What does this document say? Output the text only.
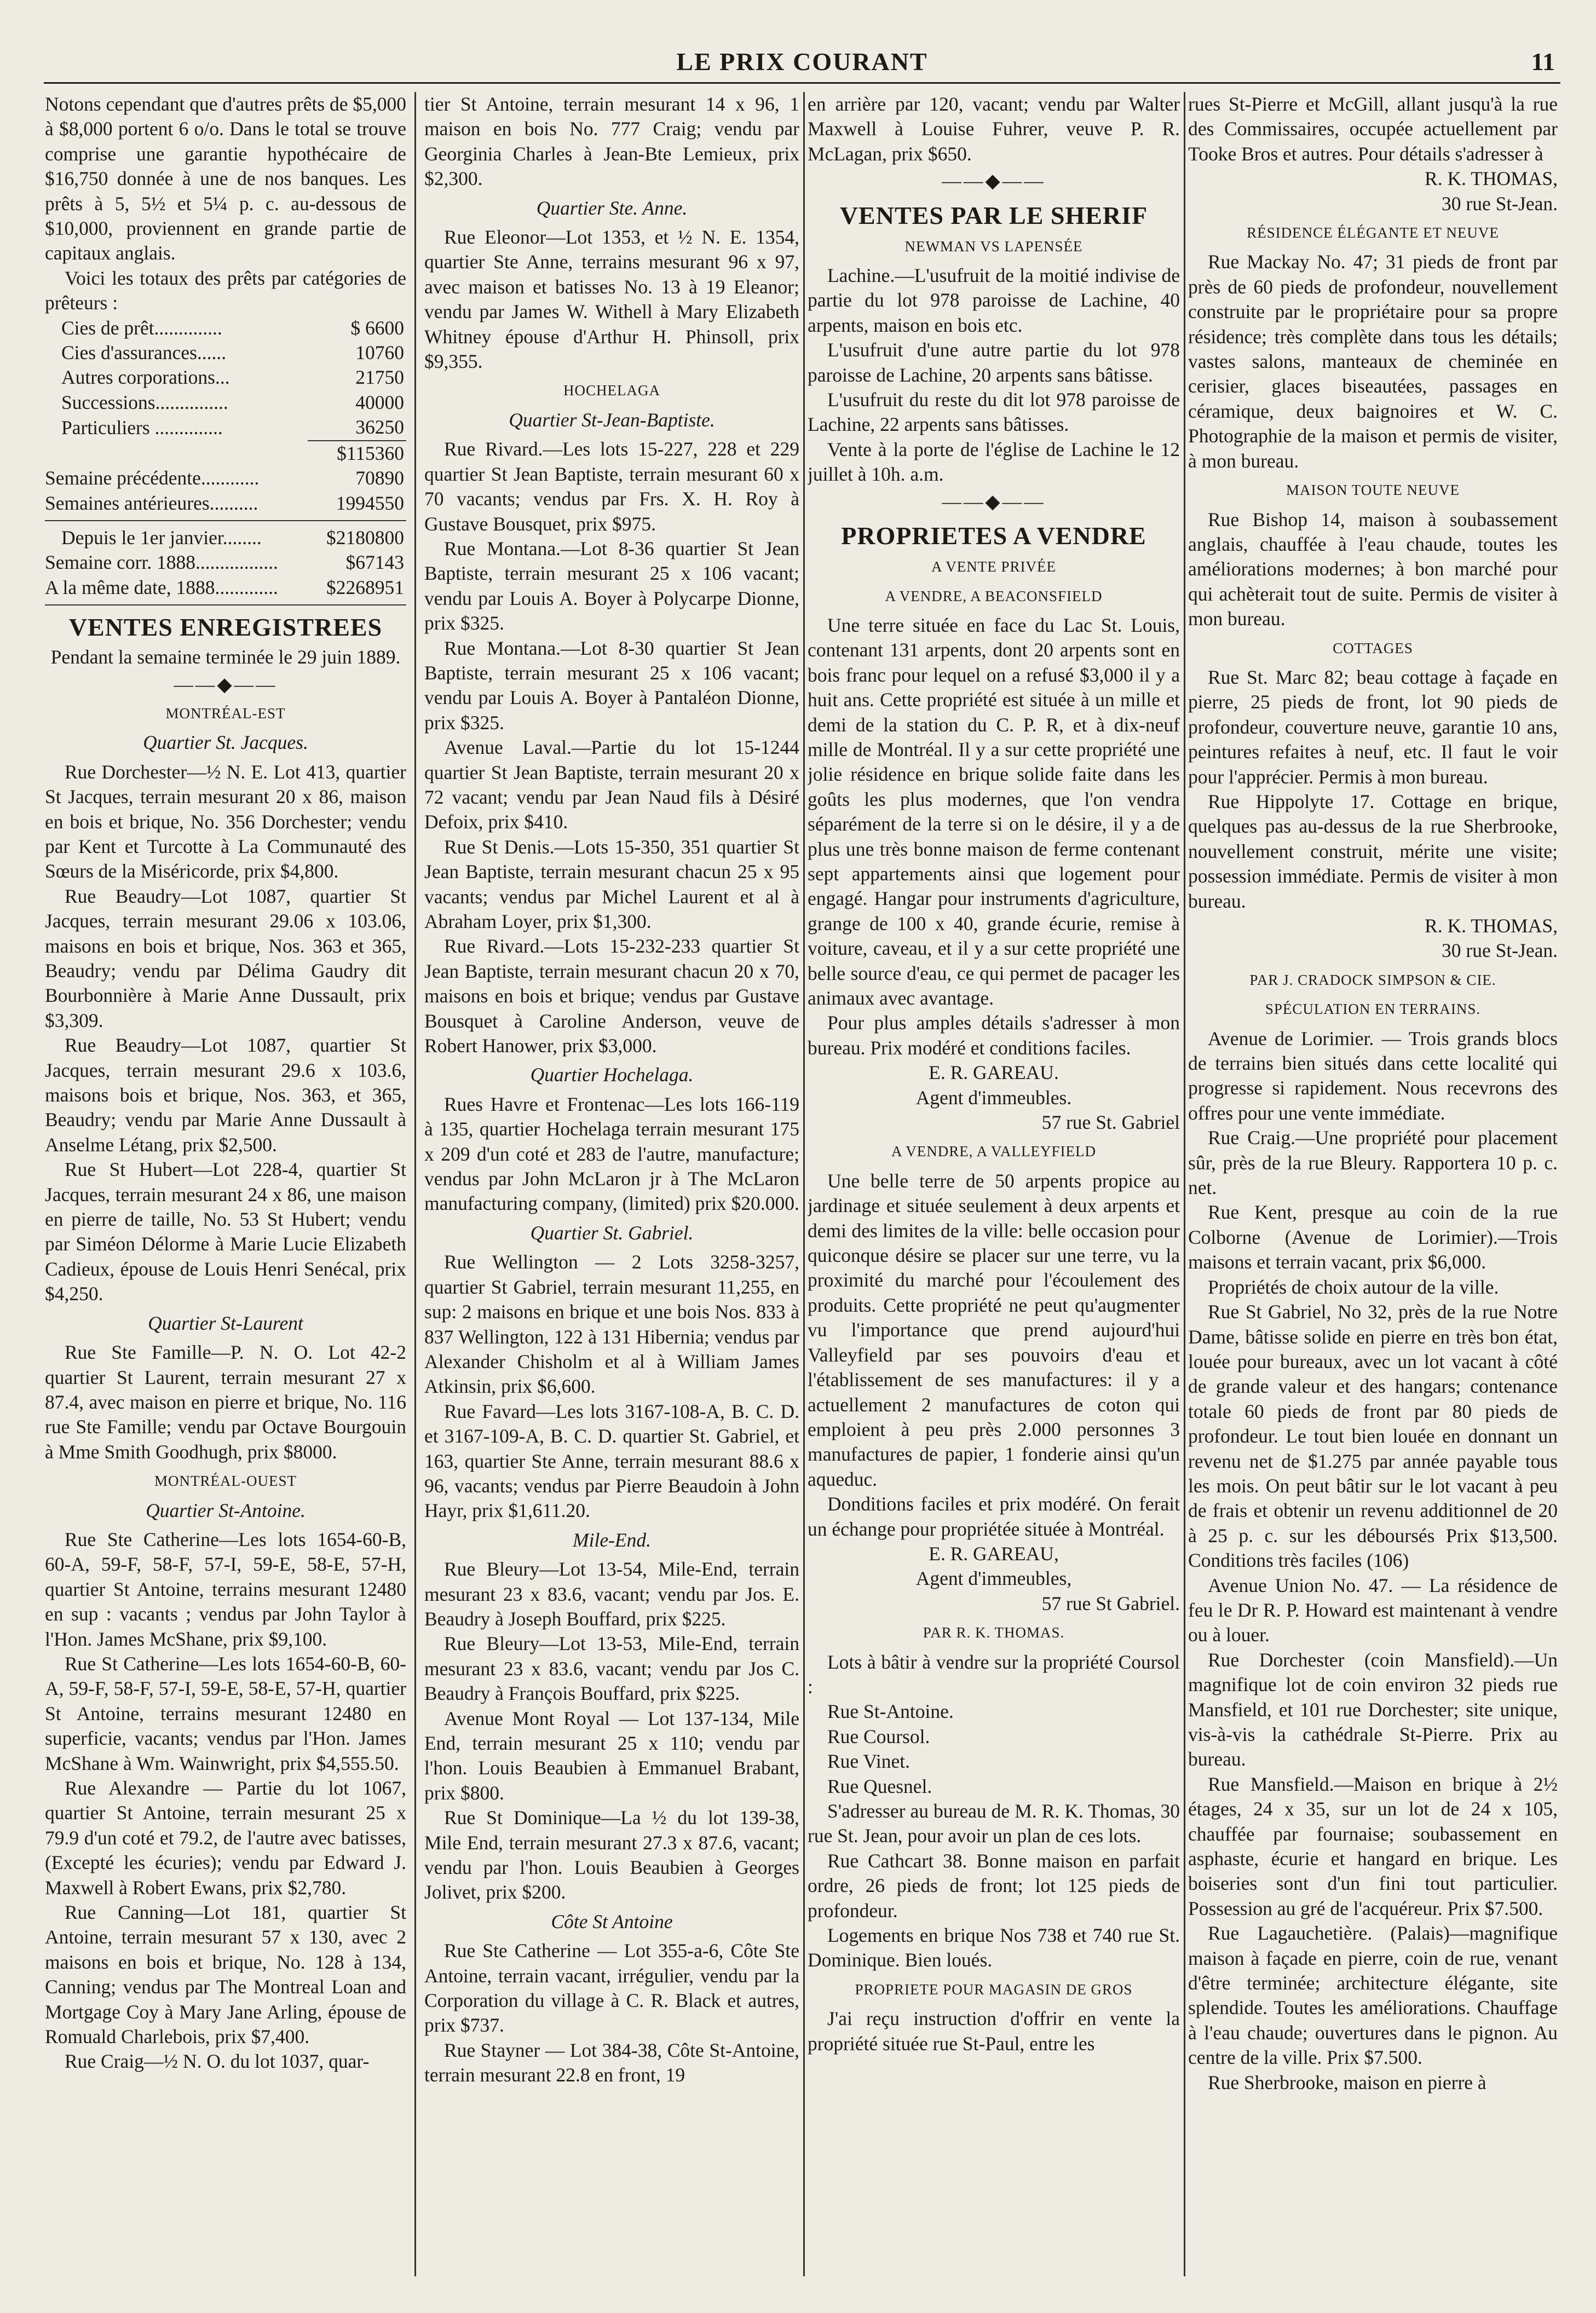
LE PRIX COURANT	11

Notons cependant que d'autres prêts de $5,000 à $8,000 portent 6 o/o. Dans le total se trouve comprise une garantie hypothécaire de $16,750 donnée à une de nos banques. Les prêts à 5, 5½ et 5¼ p. c. au-dessous de $10,000, proviennent en grande partie de capitaux anglais.

Voici les totaux des prêts par catégories de prêteurs :

Cies de prêt..............	$ 6600
Cies d'assurances......	10760
Autres corporations...	21750
Successions...............	40000
Particuliers ..............	36250
	$115360
Semaine précédente............	70890
Semaines antérieures..........	1994550
Depuis le 1er janvier........	$2180800
Semaine corr. 1888.................	$67143
A la même date, 1888.............	$2268951
VENTES ENREGISTREES

Pendant la semaine terminée le 29 juin 1889.

——◆——

MONTRÉAL-EST

Quartier St. Jacques.

Rue Dorchester—½ N. E. Lot 413, quartier St Jacques, terrain mesurant 20 x 86, maison en bois et brique, No. 356 Dorchester; vendu par Kent et Turcotte à La Communauté des Sœurs de la Miséricorde, prix $4,800.

Rue Beaudry—Lot 1087, quartier St Jacques, terrain mesurant 29.06 x 103.06, maisons en bois et brique, Nos. 363 et 365, Beaudry; vendu par Délima Gaudry dit Bourbonnière à Marie Anne Dussault, prix $3,309.

Rue Beaudry—Lot 1087, quartier St Jacques, terrain mesurant 29.6 x 103.6, maisons bois et brique, Nos. 363, et 365, Beaudry; vendu par Marie Anne Dussault à Anselme Létang, prix $2,500.

Rue St Hubert—Lot 228-4, quartier St Jacques, terrain mesurant 24 x 86, une maison en pierre de taille, No. 53 St Hubert; vendu par Siméon Délorme à Marie Lucie Elizabeth Cadieux, épouse de Louis Henri Senécal, prix $4,250.

Quartier St-Laurent

Rue Ste Famille—P. N. O. Lot 42-2 quartier St Laurent, terrain mesurant 27 x 87.4, avec maison en pierre et brique, No. 116 rue Ste Famille; vendu par Octave Bourgouin à Mme Smith Goodhugh, prix $8000.

MONTRÉAL-OUEST

Quartier St-Antoine.

Rue Ste Catherine—Les lots 1654-60-B, 60-A, 59-F, 58-F, 57-I, 59-E, 58-E, 57-H, quartier St Antoine, terrains mesurant 12480 en sup : vacants ; vendus par John Taylor à l'Hon. James McShane, prix $9,100.

Rue St Catherine—Les lots 1654-60-B, 60-A, 59-F, 58-F, 57-I, 59-E, 58-E, 57-H, quartier St Antoine, terrains mesurant 12480 en superficie, vacants; vendus par l'Hon. James McShane à Wm. Wainwright, prix $4,555.50.

Rue Alexandre — Partie du lot 1067, quartier St Antoine, terrain mesurant 25 x 79.9 d'un coté et 79.2, de l'autre avec batisses, (Excepté les écuries); vendu par Edward J. Maxwell à Robert Ewans, prix $2,780.

Rue Canning—Lot 181, quartier St Antoine, terrain mesurant 57 x 130, avec 2 maisons en bois et brique, No. 128 à 134, Canning; vendus par The Montreal Loan and Mortgage Coy à Mary Jane Arling, épouse de Romuald Charlebois, prix $7,400.

Rue Craig—½ N. O. du lot 1037, quar-

tier St Antoine, terrain mesurant 14 x 96, 1 maison en bois No. 777 Craig; vendu par Georginia Charles à Jean-Bte Lemieux, prix $2,300.

Quartier Ste. Anne.

Rue Eleonor—Lot 1353, et ½ N. E. 1354, quartier Ste Anne, terrains mesurant 96 x 97, avec maison et batisses No. 13 à 19 Eleanor; vendu par James W. Withell à Mary Elizabeth Whitney épouse d'Arthur H. Phinsoll, prix $9,355.

HOCHELAGA

Quartier St-Jean-Baptiste.

Rue Rivard.—Les lots 15-227, 228 et 229 quartier St Jean Baptiste, terrain mesurant 60 x 70 vacants; vendus par Frs. X. H. Roy à Gustave Bousquet, prix $975.

Rue Montana.—Lot 8-36 quartier St Jean Baptiste, terrain mesurant 25 x 106 vacant; vendu par Louis A. Boyer à Polycarpe Dionne, prix $325.

Rue Montana.—Lot 8-30 quartier St Jean Baptiste, terrain mesurant 25 x 106 vacant; vendu par Louis A. Boyer à Pantaléon Dionne, prix $325.

Avenue Laval.—Partie du lot 15-1244 quartier St Jean Baptiste, terrain mesurant 20 x 72 vacant; vendu par Jean Naud fils à Désiré Defoix, prix $410.

Rue St Denis.—Lots 15-350, 351 quartier St Jean Baptiste, terrain mesurant chacun 25 x 95 vacants; vendus par Michel Laurent et al à Abraham Loyer, prix $1,300.

Rue Rivard.—Lots 15-232-233 quartier St Jean Baptiste, terrain mesurant chacun 20 x 70, maisons en bois et brique; vendus par Gustave Bousquet à Caroline Anderson, veuve de Robert Hanower, prix $3,000.

Quartier Hochelaga.

Rues Havre et Frontenac—Les lots 166-119 à 135, quartier Hochelaga terrain mesurant 175 x 209 d'un coté et 283 de l'autre, manufacture; vendus par John McLaron jr à The McLaron manufacturing company, (limited) prix $20.000.

Quartier St. Gabriel.

Rue Wellington — 2 Lots 3258-3257, quartier St Gabriel, terrain mesurant 11,255, en sup: 2 maisons en brique et une bois Nos. 833 à 837 Wellington, 122 à 131 Hibernia; vendus par Alexander Chisholm et al à William James Atkinsin, prix $6,600.

Rue Favard—Les lots 3167-108-A, B. C. D. et 3167-109-A, B. C. D. quartier St. Gabriel, et 163, quartier Ste Anne, terrain mesurant 88.6 x 96, vacants; vendus par Pierre Beaudoin à John Hayr, prix $1,611.20.

Mile-End.

Rue Bleury—Lot 13-54, Mile-End, terrain mesurant 23 x 83.6, vacant; vendu par Jos. E. Beaudry à Joseph Bouffard, prix $225.

Rue Bleury—Lot 13-53, Mile-End, terrain mesurant 23 x 83.6, vacant; vendu par Jos C. Beaudry à François Bouffard, prix $225.

Avenue Mont Royal — Lot 137-134, Mile End, terrain mesurant 25 x 110; vendu par l'hon. Louis Beaubien à Emmanuel Brabant, prix $800.

Rue St Dominique—La ½ du lot 139-38, Mile End, terrain mesurant 27.3 x 87.6, vacant; vendu par l'hon. Louis Beaubien à Georges Jolivet, prix $200.

Côte St Antoine

Rue Ste Catherine — Lot 355-a-6, Côte Ste Antoine, terrain vacant, irrégulier, vendu par la Corporation du village à C. R. Black et autres, prix $737.

Rue Stayner — Lot 384-38, Côte St-Antoine, terrain mesurant 22.8 en front, 19

en arrière par 120, vacant; vendu par Walter Maxwell à Louise Fuhrer, veuve P. R. McLagan, prix $650.

——◆——
VENTES PAR LE SHERIF

NEWMAN VS LAPENSÉE

Lachine.—L'usufruit de la moitié indivise de partie du lot 978 paroisse de Lachine, 40 arpents, maison en bois etc.

L'usufruit d'une autre partie du lot 978 paroisse de Lachine, 20 arpents sans bâtisse.

L'usufruit du reste du dit lot 978 paroisse de Lachine, 22 arpents sans bâtisses.

Vente à la porte de l'église de Lachine le 12 juillet à 10h. a.m.

——◆——
PROPRIETES A VENDRE

A VENTE PRIVÉE

A VENDRE, A BEACONSFIELD

Une terre située en face du Lac St. Louis, contenant 131 arpents, dont 20 arpents sont en bois franc pour lequel on a refusé $3,000 il y a huit ans. Cette propriété est située à un mille et demi de la station du C. P. R, et à dix-neuf mille de Montréal. Il y a sur cette propriété une jolie résidence en brique solide faite dans les goûts les plus modernes, que l'on vendra séparément de la terre si on le désire, il y a de plus une très bonne maison de ferme contenant sept appartements ainsi que logement pour engagé. Hangar pour instruments d'agriculture, grange de 100 x 40, grande écurie, remise à voiture, caveau, et il y a sur cette propriété une belle source d'eau, ce qui permet de pacager les animaux avec avantage.

Pour plus amples détails s'adresser à mon bureau. Prix modéré et conditions faciles.

E. R. GAREAU.

Agent d'immeubles.

57 rue St. Gabriel

A VENDRE, A VALLEYFIELD

Une belle terre de 50 arpents propice au jardinage et située seulement à deux arpents et demi des limites de la ville: belle occasion pour quiconque désire se placer sur une terre, vu la proximité du marché pour l'écoulement des produits. Cette propriété ne peut qu'augmenter vu l'importance que prend aujourd'hui Valleyfield par ses pouvoirs d'eau et l'établissement de ses manufactures: il y a actuellement 2 manufactures de coton qui emploient à peu près 2.000 personnes 3 manufactures de papier, 1 fonderie ainsi qu'un aqueduc.

Donditions faciles et prix modéré. On ferait un échange pour propriétée située à Montréal.

E. R. GAREAU,

Agent d'immeubles,

57 rue St Gabriel.

PAR R. K. THOMAS.

Lots à bâtir à vendre sur la propriété Coursol :

Rue St-Antoine.

Rue Coursol.

Rue Vinet.

Rue Quesnel.

S'adresser au bureau de M. R. K. Thomas, 30 rue St. Jean, pour avoir un plan de ces lots.

Rue Cathcart 38. Bonne maison en parfait ordre, 26 pieds de front; lot 125 pieds de profondeur.

Logements en brique Nos 738 et 740 rue St. Dominique. Bien loués.

PROPRIETE POUR MAGASIN DE GROS

J'ai reçu instruction d'offrir en vente la propriété située rue St-Paul, entre les

rues St-Pierre et McGill, allant jusqu'à la rue des Commissaires, occupée actuellement par Tooke Bros et autres. Pour détails s'adresser à

R. K. THOMAS,

30 rue St-Jean.

RÉSIDENCE ÉLÉGANTE ET NEUVE

Rue Mackay No. 47; 31 pieds de front par près de 60 pieds de profondeur, nouvellement construite par le propriétaire pour sa propre résidence; très complète dans tous les détails; vastes salons, manteaux de cheminée en cerisier, glaces biseautées, passages en céramique, deux baignoires et W. C. Photographie de la maison et permis de visiter, à mon bureau.

MAISON TOUTE NEUVE

Rue Bishop 14, maison à soubassement anglais, chauffée à l'eau chaude, toutes les améliorations modernes; à bon marché pour qui achèterait tout de suite. Permis de visiter à mon bureau.

COTTAGES

Rue St. Marc 82; beau cottage à façade en pierre, 25 pieds de front, lot 90 pieds de profondeur, couverture neuve, garantie 10 ans, peintures refaites à neuf, etc. Il faut le voir pour l'apprécier. Permis à mon bureau.

Rue Hippolyte 17. Cottage en brique, quelques pas au-dessus de la rue Sherbrooke, nouvellement construit, mérite une visite; possession immédiate. Permis de visiter à mon bureau.

R. K. THOMAS,

30 rue St-Jean.

PAR J. CRADOCK SIMPSON & CIE.

SPÉCULATION EN TERRAINS.

Avenue de Lorimier. — Trois grands blocs de terrains bien situés dans cette localité qui progresse si rapidement. Nous recevrons des offres pour une vente immédiate.

Rue Craig.—Une propriété pour placement sûr, près de la rue Bleury. Rapportera 10 p. c. net.

Rue Kent, presque au coin de la rue Colborne (Avenue de Lorimier).—Trois maisons et terrain vacant, prix $6,000.

Propriétés de choix autour de la ville.

Rue St Gabriel, No 32, près de la rue Notre Dame, bâtisse solide en pierre en très bon état, louée pour bureaux, avec un lot vacant à côté de grande valeur et des hangars; contenance totale 60 pieds de front par 80 pieds de profondeur. Le tout bien louée en donnant un revenu net de $1.275 par année payable tous les mois. On peut bâtir sur le lot vacant à peu de frais et obtenir un revenu additionnel de 20 à 25 p. c. sur les déboursés Prix $13,500. Conditions très faciles (106)

Avenue Union No. 47. — La résidence de feu le Dr R. P. Howard est maintenant à vendre ou à louer.

Rue Dorchester (coin Mansfield).—Un magnifique lot de coin environ 32 pieds rue Mansfield, et 101 rue Dorchester; site unique, vis-à-vis la cathédrale St-Pierre. Prix au bureau.

Rue Mansfield.—Maison en brique à 2½ étages, 24 x 35, sur un lot de 24 x 105, chauffée par fournaise; soubassement en asphaste, écurie et hangard en brique. Les boiseries sont d'un fini tout particulier. Possession au gré de l'acquéreur. Prix $7.500.

Rue Lagauchetière. (Palais)—magnifique maison à façade en pierre, coin de rue, venant d'être terminée; architecture élégante, site splendide. Toutes les améliorations. Chauffage à l'eau chaude; ouvertures dans le pignon. Au centre de la ville. Prix $7.500.

Rue Sherbrooke, maison en pierre à
